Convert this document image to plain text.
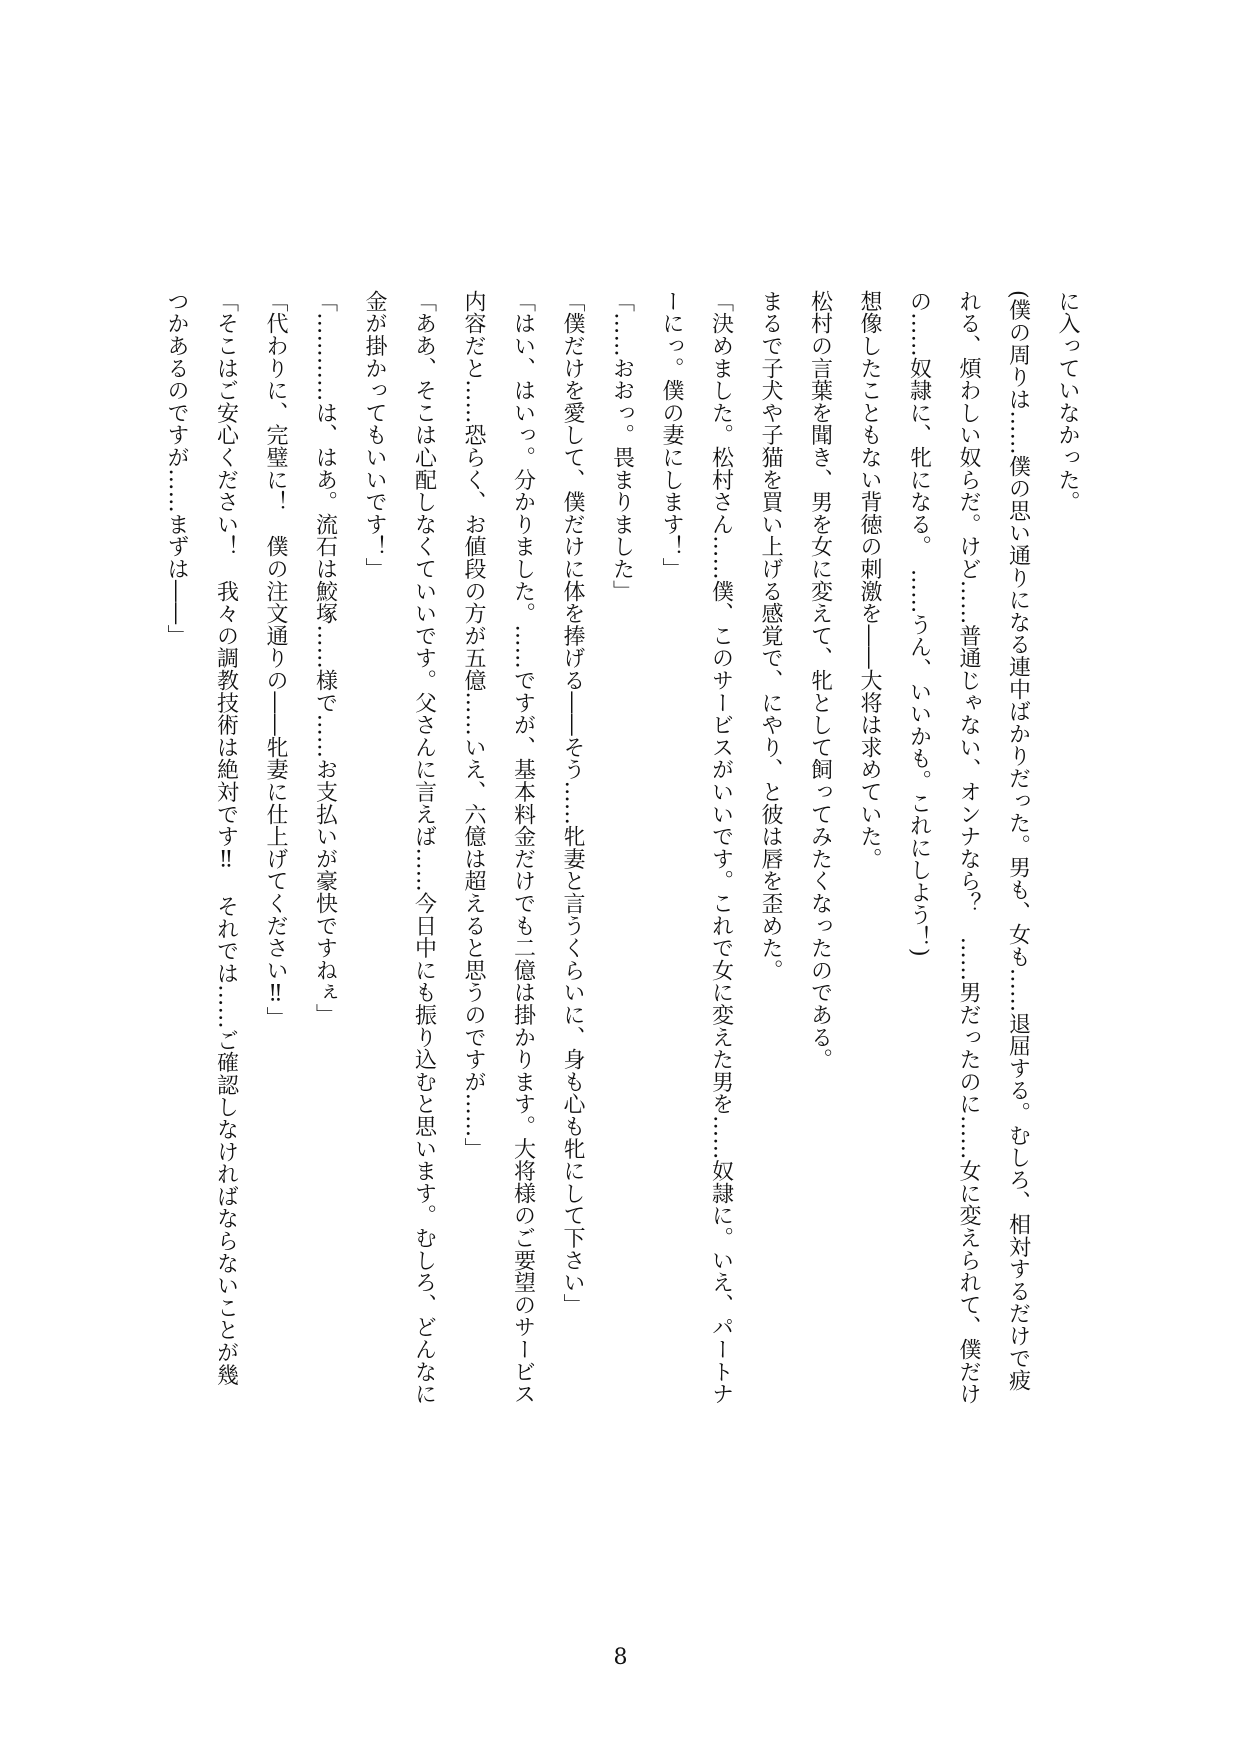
に入っていなかった。

(僕の周りは……僕の思い通りになる連中ばかりだった。男も、女も……退屈する。むしろ、相対するだけで疲

れる、煩わしい奴らだ。けど……普通じゃない、オンナなら？　……男だったのに……女に変えられて、僕だけ

の……奴隷に、牝になる。　……うん、いいかも。これにしよう！)

想像したこともない背徳の刺激を――大将は求めていた。

松村の言葉を聞き、男を女に変えて、牝として飼ってみたくなったのである。

まるで子犬や子猫を買い上げる感覚で、にやり、と彼は唇を歪めた。

「決めました。松村さん……僕、このサービスがいいです。これで女に変えた男を……奴隷に。いえ、パートナ

ーにっ。僕の妻にします！」

「……おおっ。畏まりました」

「僕だけを愛して、僕だけに体を捧げる――そう……牝妻と言うくらいに、身も心も牝にして下さい」

「はい、はいっ。分かりました。……ですが、基本料金だけでも二億は掛かります。大将様のご要望のサービス

内容だと……恐らく、お値段の方が五億……いえ、六億は超えると思うのですが……」

「ああ、そこは心配しなくていいです。父さんに言えば……今日中にも振り込むと思います。むしろ、どんなに

金が掛かってもいいです！」

「…………は、はあ。流石は鮫塚……様で……お支払いが豪快ですねぇ」

「代わりに、完璧に！　僕の注文通りの――牝妻に仕上げてください‼」

「そこはご安心ください！　我々の調教技術は絶対です‼　それでは……ご確認しなければならないことが幾

つかあるのですが……まずは――」

8
